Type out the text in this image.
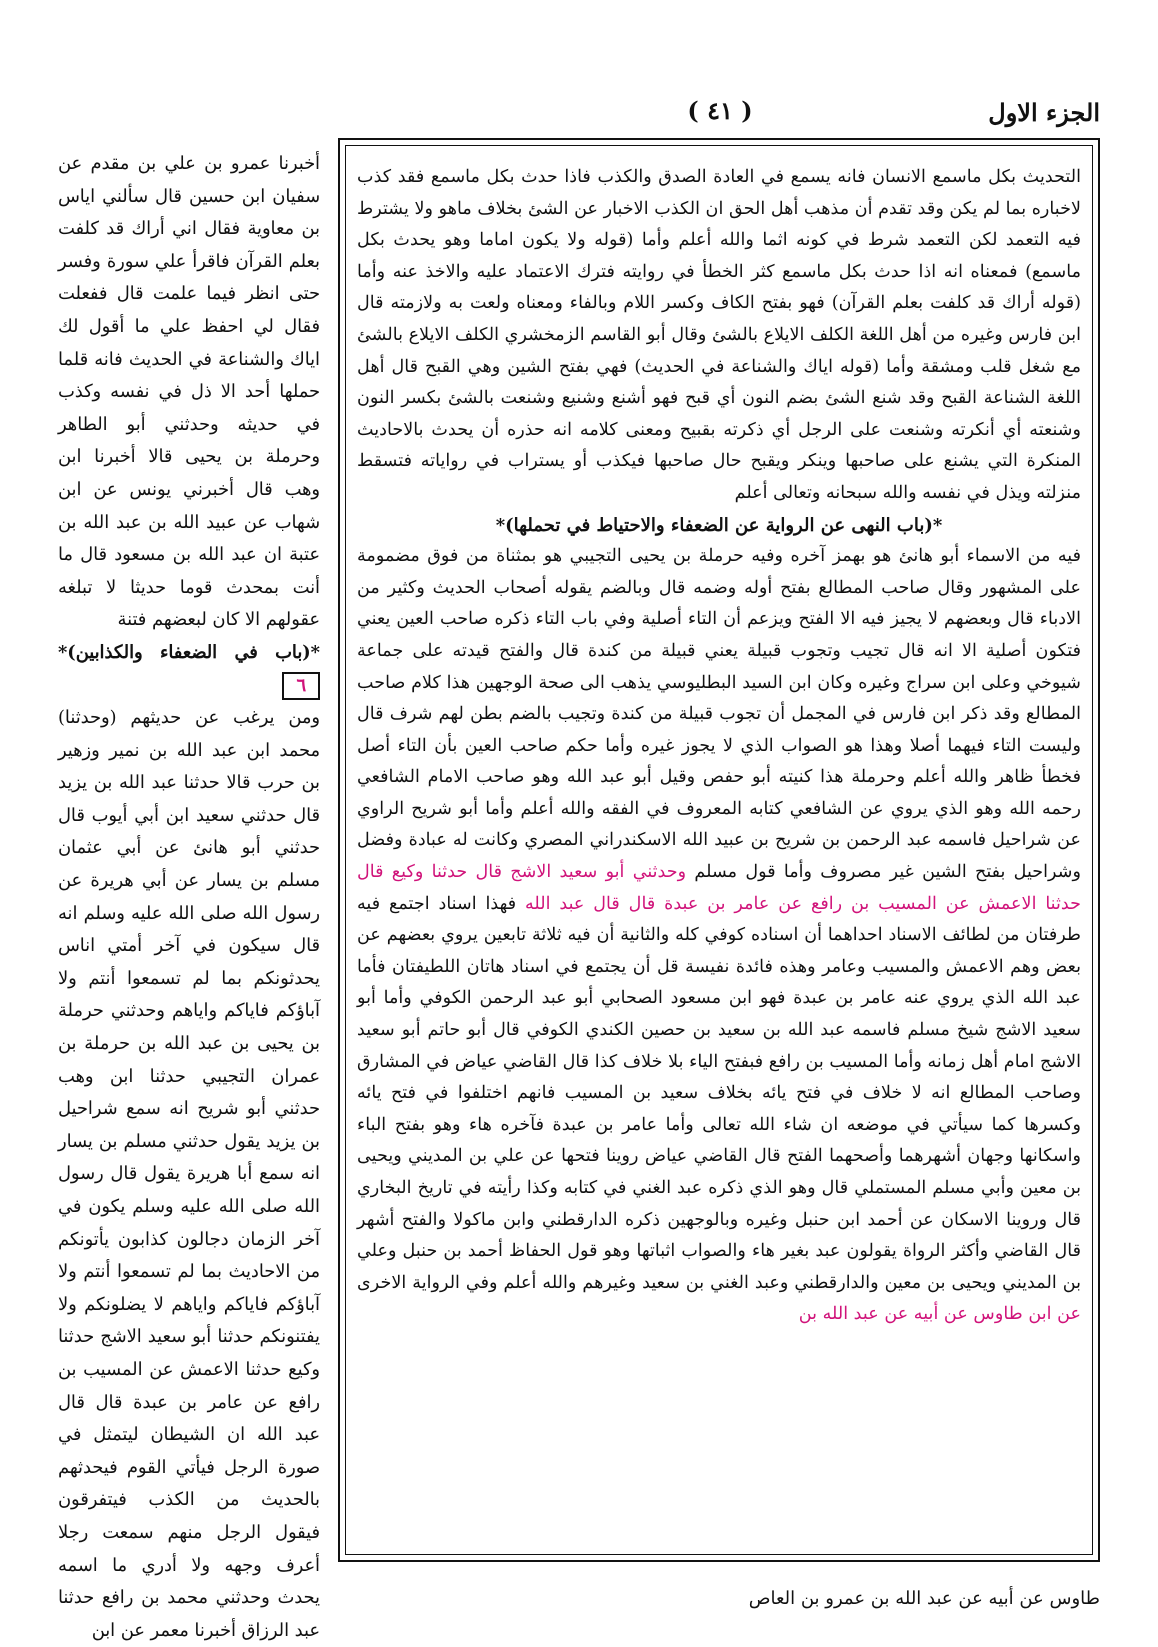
الجزء الاول
( ٤١ )

التحديث بكل ماسمع الانسان فانه يسمع في العادة الصدق والكذب فاذا حدث بكل ماسمع فقد كذب لاخباره بما لم يكن وقد تقدم أن مذهب أهل الحق ان الكذب الاخبار عن الشئ بخلاف ماهو ولا يشترط فيه التعمد لكن التعمد شرط في كونه اثما والله أعلم وأما (قوله ولا يكون اماما وهو يحدث بكل ماسمع) فمعناه انه اذا حدث بكل ماسمع كثر الخطأ في روايته فترك الاعتماد عليه والاخذ عنه وأما (قوله أراك قد كلفت بعلم القرآن) فهو بفتح الكاف وكسر اللام وبالفاء ومعناه ولعت به ولازمته قال ابن فارس وغيره من أهل اللغة الكلف الايلاع بالشئ وقال أبو القاسم الزمخشري الكلف الايلاع بالشئ مع شغل قلب ومشقة وأما (قوله اياك والشناعة في الحديث) فهي بفتح الشين وهي القبح قال أهل اللغة الشناعة القبح وقد شنع الشئ بضم النون أي قبح فهو أشنع وشنيع وشنعت بالشئ بكسر النون وشنعته أي أنكرته وشنعت على الرجل أي ذكرته بقبيح ومعنى كلامه انه حذره أن يحدث بالاحاديث المنكرة التي يشنع على صاحبها وينكر ويقبح حال صاحبها فيكذب أو يستراب في رواياته فتسقط منزلته ويذل في نفسه والله سبحانه وتعالى أعلم

*(باب النهى عن الرواية عن الضعفاء والاحتياط في تحملها)*

فيه من الاسماء أبو هانئ هو بهمز آخره وفيه حرملة بن يحيى التجيبي هو بمثناة من فوق مضمومة على المشهور وقال صاحب المطالع بفتح أوله وضمه قال وبالضم يقوله أصحاب الحديث وكثير من الادباء قال وبعضهم لا يجيز فيه الا الفتح ويزعم أن التاء أصلية وفي باب التاء ذكره صاحب العين يعني فتكون أصلية الا انه قال تجيب وتجوب قبيلة يعني قبيلة من كندة قال والفتح قيدته على جماعة شيوخي وعلى ابن سراج وغيره وكان ابن السيد البطليوسي يذهب الى صحة الوجهين هذا كلام صاحب المطالع وقد ذكر ابن فارس في المجمل أن تجوب قبيلة من كندة وتجيب بالضم بطن لهم شرف قال وليست التاء فيهما أصلا وهذا هو الصواب الذي لا يجوز غيره وأما حكم صاحب العين بأن التاء أصل فخطأ ظاهر والله أعلم وحرملة هذا كنيته أبو حفص وقيل أبو عبد الله وهو صاحب الامام الشافعي رحمه الله وهو الذي يروي عن الشافعي كتابه المعروف في الفقه والله أعلم وأما أبو شريح الراوي عن شراحيل فاسمه عبد الرحمن بن شريح بن عبيد الله الاسكندراني المصري وكانت له عبادة وفضل وشراحيل بفتح الشين غير مصروف وأما قول مسلم وحدثني أبو سعيد الاشج قال حدثنا وكيع قال حدثنا الاعمش عن المسيب بن رافع عن عامر بن عبدة قال قال عبد الله فهذا اسناد اجتمع فيه طرفتان من لطائف الاسناد احداهما أن اسناده كوفي كله والثانية أن فيه ثلاثة تابعين يروي بعضهم عن بعض وهم الاعمش والمسيب وعامر وهذه فائدة نفيسة قل أن يجتمع في اسناد هاتان اللطيفتان فأما عبد الله الذي يروي عنه عامر بن عبدة فهو ابن مسعود الصحابي أبو عبد الرحمن الكوفي وأما أبو سعيد الاشج شيخ مسلم فاسمه عبد الله بن سعيد بن حصين الكندي الكوفي قال أبو حاتم أبو سعيد الاشج امام أهل زمانه وأما المسيب بن رافع فبفتح الياء بلا خلاف كذا قال القاضي عياض في المشارق وصاحب المطالع انه لا خلاف في فتح يائه بخلاف سعيد بن المسيب فانهم اختلفوا في فتح يائه وكسرها كما سيأتي في موضعه ان شاء الله تعالى وأما عامر بن عبدة فآخره هاء وهو بفتح الباء واسكانها وجهان أشهرهما وأصحهما الفتح قال القاضي عياض روينا فتحها عن علي بن المديني ويحيى بن معين وأبي مسلم المستملي قال وهو الذي ذكره عبد الغني في كتابه وكذا رأيته في تاريخ البخاري قال وروينا الاسكان عن أحمد ابن حنبل وغيره وبالوجهين ذكره الدارقطني وابن ماكولا والفتح أشهر قال القاضي وأكثر الرواة يقولون عبد بغير هاء والصواب اثباتها وهو قول الحفاظ أحمد بن حنبل وعلي بن المديني ويحيى بن معين والدارقطني وعبد الغني بن سعيد وغيرهم والله أعلم وفي الرواية الاخرى عن ابن طاوس عن أبيه عن عبد الله بن

أخبرنا عمرو بن علي بن مقدم عن سفيان ابن حسين قال سألني اياس بن معاوية فقال اني أراك قد كلفت بعلم القرآن فاقرأ علي سورة وفسر حتى انظر فيما علمت قال ففعلت فقال لي احفظ علي ما أقول لك اياك والشناعة في الحديث فانه قلما حملها أحد الا ذل في نفسه وكذب في حديثه وحدثني أبو الطاهر وحرملة بن يحيى قالا أخبرنا ابن وهب قال أخبرني يونس عن ابن شهاب عن عبيد الله بن عبد الله بن عتبة ان عبد الله بن مسعود قال ما أنت بمحدث قوما حديثا لا تبلغه عقولهم الا كان لبعضهم فتنة

*(باب في الضعفاء والكذابين)* ٦

ومن يرغب عن حديثهم (وحدثنا) محمد ابن عبد الله بن نمير وزهير بن حرب قالا حدثنا عبد الله بن يزيد قال حدثني سعيد ابن أبي أيوب قال حدثني أبو هانئ عن أبي عثمان مسلم بن يسار عن أبي هريرة عن رسول الله صلى الله عليه وسلم انه قال سيكون في آخر أمتي اناس يحدثونكم بما لم تسمعوا أنتم ولا آباؤكم فاياكم واياهم وحدثني حرملة بن يحيى بن عبد الله بن حرملة بن عمران التجيبي حدثنا ابن وهب حدثني أبو شريح انه سمع شراحيل بن يزيد يقول حدثني مسلم بن يسار انه سمع أبا هريرة يقول قال رسول الله صلى الله عليه وسلم يكون في آخر الزمان دجالون كذابون يأتونكم من الاحاديث بما لم تسمعوا أنتم ولا آباؤكم فاياكم واياهم لا يضلونكم ولا يفتنونكم حدثنا أبو سعيد الاشج حدثنا وكيع حدثنا الاعمش عن المسيب بن رافع عن عامر بن عبدة قال قال عبد الله ان الشيطان ليتمثل في صورة الرجل فيأتي القوم فيحدثهم بالحديث من الكذب فيتفرقون فيقول الرجل منهم سمعت رجلا أعرف وجهه ولا أدري ما اسمه يحدث وحدثني محمد بن رافع حدثنا عبد الرزاق أخبرنا معمر عن ابن

طاوس عن أبيه عن عبد الله بن عمرو بن العاص
